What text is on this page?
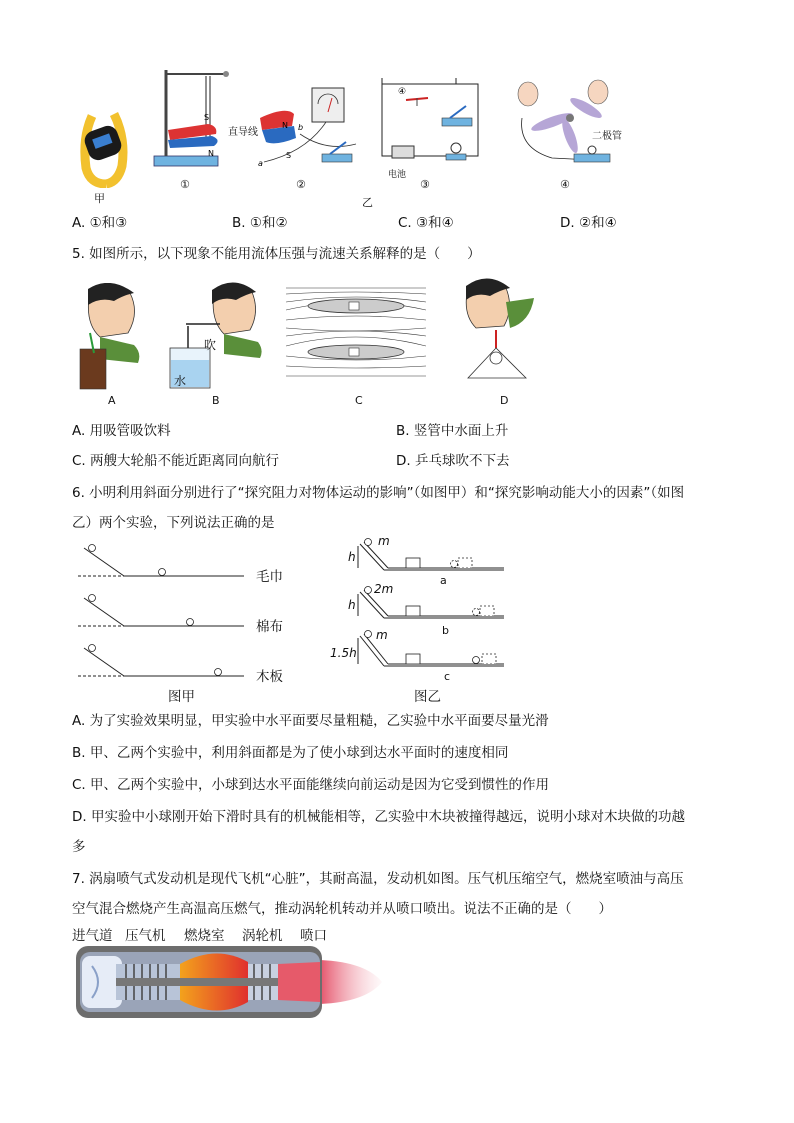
甲
S
N
直导线
①
N
S
a
b
②
④
电池
③
乙
二极管
④
A. ①和③	B. ①和②	C. ③和④	D. ②和④
5. 如图所示，以下现象不能用流体压强与流速关系解释的是（　　）
A
吹
水
B	C	D
A. 用吸管吸饮料	B. 竖管中水面上升
C. 两艘大轮船不能近距离同向航行	D. 乒乓球吹不下去
6. 小明利用斜面分别进行了“探究阻力对物体运动的影响”（如图甲）和“探究影响动能大小的因素”（如图
乙）两个实验，下列说法正确的是
毛巾
棉布
木板
图甲
m
2m
m
h
h
1.5h
a
b
c
图乙
A. 为了实验效果明显，甲实验中水平面要尽量粗糙，乙实验中水平面要尽量光滑
B. 甲、乙两个实验中，利用斜面都是为了使小球到达水平面时的速度相同
C. 甲、乙两个实验中，小球到达水平面能继续向前运动是因为它受到惯性的作用
D. 甲实验中小球刚开始下滑时具有的机械能相等，乙实验中木块被撞得越远，说明小球对木块做的功越
多
7. 涡扇喷气式发动机是现代飞机“心脏”，其耐高温，发动机如图。压气机压缩空气，燃烧室喷油与高压
空气混合燃烧产生高温高压燃气，推动涡轮机转动并从喷口喷出。说法不正确的是（　　）
进气道 压气机 燃烧室 涡轮机 喷口
